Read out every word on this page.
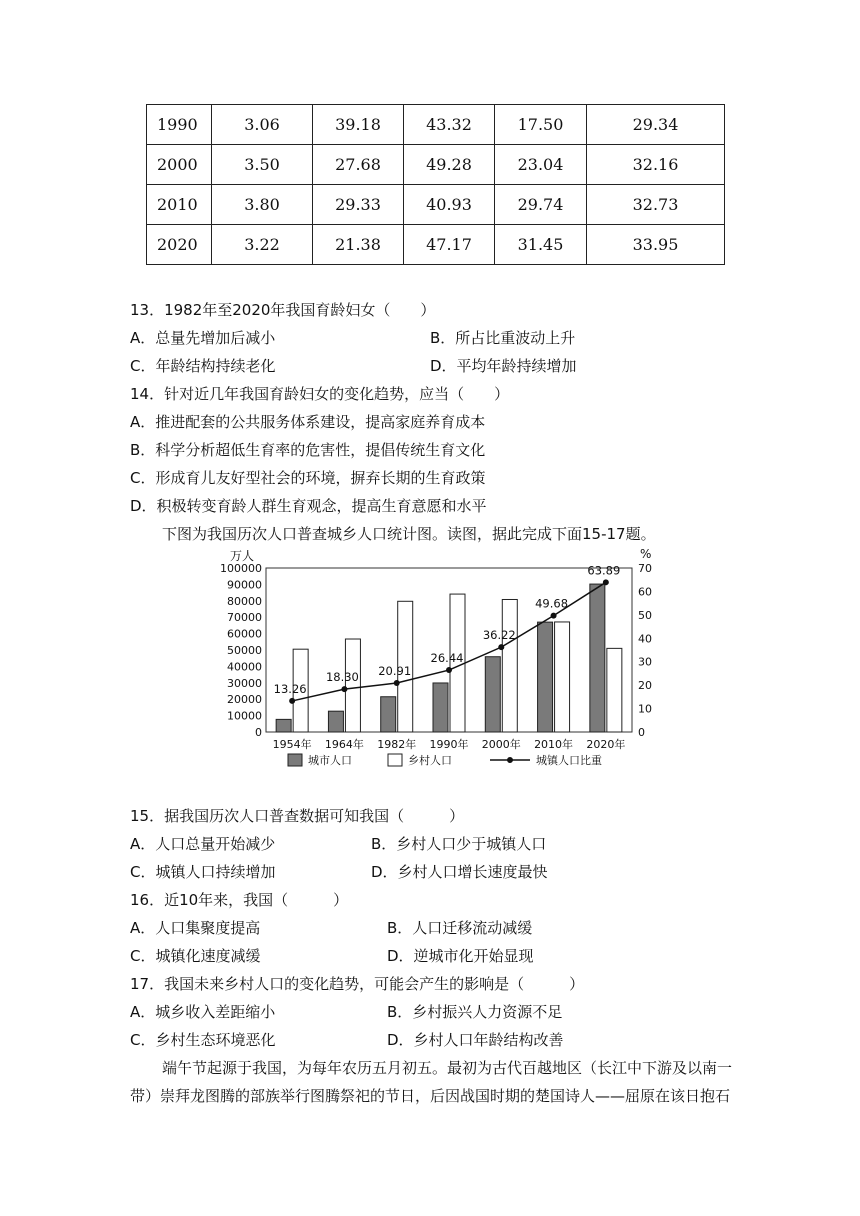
1990	3.06	39.18	43.32	17.50	29.34
2000	3.50	27.68	49.28	23.04	32.16
2010	3.80	29.33	40.93	29.74	32.73
2020	3.22	21.38	47.17	31.45	33.95
13．1982年至2020年我国育龄妇女（　　）
A．总量先增加后减小	B．所占比重波动上升
C．年龄结构持续老化	D．平均年龄持续增加
14．针对近几年我国育龄妇女的变化趋势，应当（　　）
A．推进配套的公共服务体系建设，提高家庭养育成本
B．科学分析超低生育率的危害性，提倡传统生育文化
C．形成育儿友好型社会的环境，摒弃长期的生育政策
D．积极转变育龄人群生育观念，提高生育意愿和水平
下图为我国历次人口普查城乡人口统计图。读图，据此完成下面15-17题。
0
10000
20000
30000
40000
50000
60000
70000
80000
90000
100000
0
10
20
30
40
50
60
70
万人	%
1954年 1964年 1982年 1990年 2000年 2010年 2020年
13.26
18.30 20.91
26.44
36.22
49.68
63.89
城市人口	乡村人口	城镇人口比重
15．据我国历次人口普查数据可知我国（　　　）
A．人口总量开始减少	B．乡村人口少于城镇人口
C．城镇人口持续增加	D．乡村人口增长速度最快
16．近10年来，我国（　　　）
A．人口集聚度提高	B．人口迁移流动减缓
C．城镇化速度减缓	D．逆城市化开始显现
17．我国未来乡村人口的变化趋势，可能会产生的影响是（　　　）
A．城乡收入差距缩小	B．乡村振兴人力资源不足
C．乡村生态环境恶化	D．乡村人口年龄结构改善
端午节起源于我国，为每年农历五月初五。最初为古代百越地区（长江中下游及以南一
带）崇拜龙图腾的部族举行图腾祭祀的节日，后因战国时期的楚国诗人——屈原在该日抱石
